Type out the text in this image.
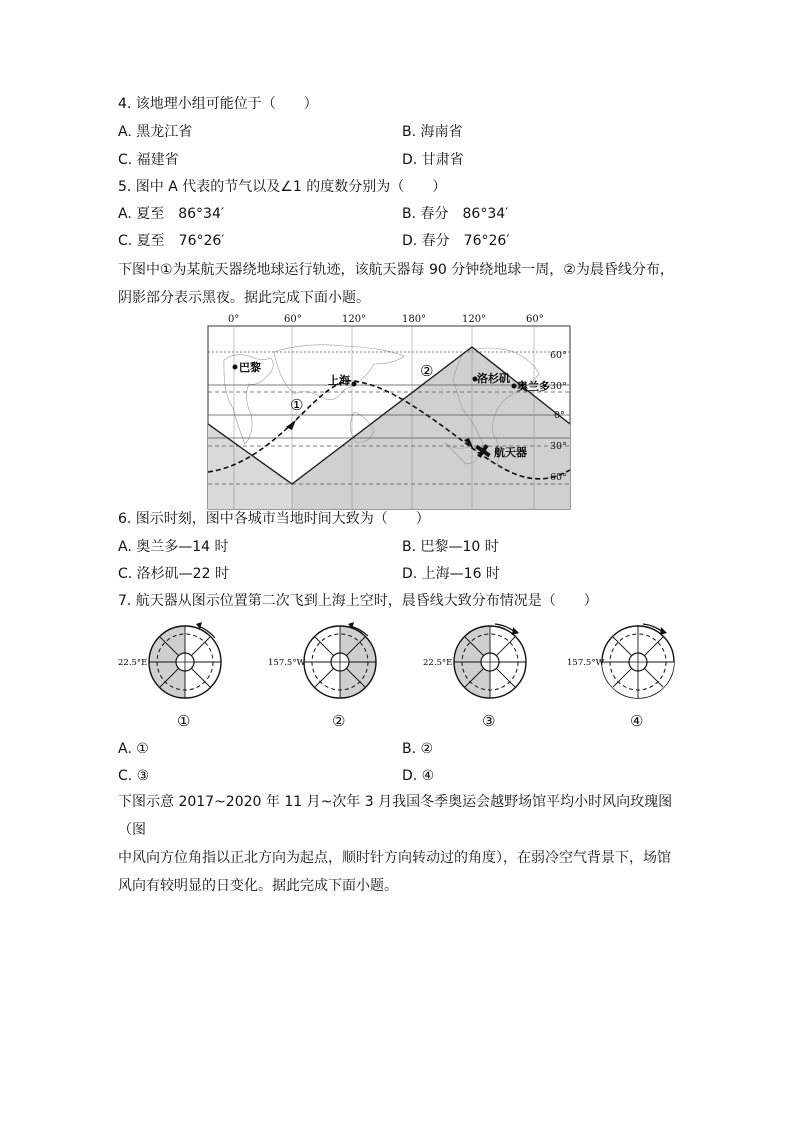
4. 该地理小组可能位于（　　）
A. 黑龙江省	B. 海南省
C. 福建省	D. 甘肃省
5. 图中 A 代表的节气以及∠1 的度数分别为（　　）
A. 夏至　86°34′	B. 春分　86°34′
C. 夏至　76°26′	D. 春分　76°26′
下图中①为某航天器绕地球运行轨迹，该航天器每 90 分钟绕地球一周，②为晨昏线分布，
阴影部分表示黑夜。据此完成下面小题。
0°	60°	120°	180°	120°	60°
60°
30°
0°
30°
60°
巴黎
上海	洛杉矶
奥兰多
航天器
①
②
6. 图示时刻，图中各城市当地时间大致为（　　）
A. 奥兰多—14 时	B. 巴黎—10 时
C. 洛杉矶—22 时	D. 上海—16 时
7. 航天器从图示位置第二次飞到上海上空时，晨昏线大致分布情况是（　　）
22.5°E	157.5°W	22.5°E	157.5°W
①	②	③	④
A. ①	B. ②
C. ③	D. ④
下图示意 2017~2020 年 11 月~次年 3 月我国冬季奥运会越野场馆平均小时风向玫瑰图（图
中风向方位角指以正北方向为起点，顺时针方向转动过的角度），在弱冷空气背景下，场馆
风向有较明显的日变化。据此完成下面小题。
